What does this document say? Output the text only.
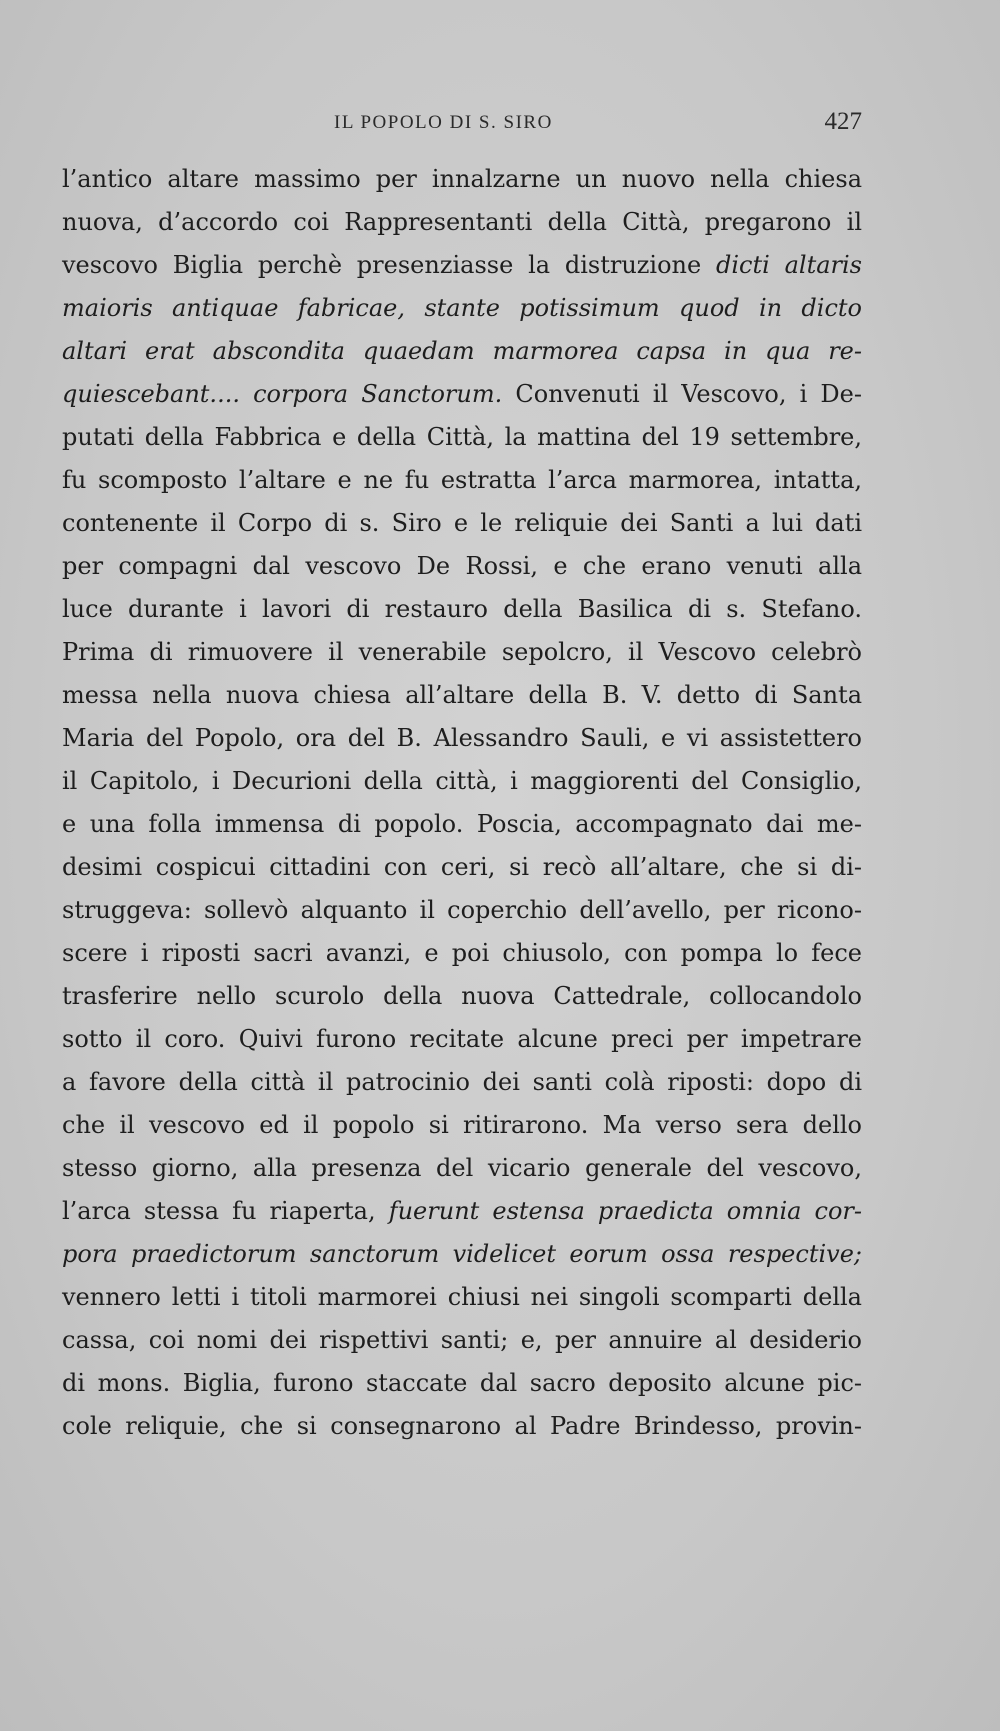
IL POPOLO DI S. SIRO	427
l’antico altare massimo per innalzarne un nuovo nella chiesa
nuova, d’accordo coi Rappresentanti della Città, pregarono il
vescovo Biglia perchè presenziasse la distruzione dicti altaris
maioris antiquae fabricae, stante potissimum quod in dicto
altari erat abscondita quaedam marmorea capsa in qua re-
quiescebant.... corpora Sanctorum. Convenuti il Vescovo, i De-
putati della Fabbrica e della Città, la mattina del 19 settembre,
fu scomposto l’altare e ne fu estratta l’arca marmorea, intatta,
contenente il Corpo di s. Siro e le reliquie dei Santi a lui dati
per compagni dal vescovo De Rossi, e che erano venuti alla
luce durante i lavori di restauro della Basilica di s. Stefano.
Prima di rimuovere il venerabile sepolcro, il Vescovo celebrò
messa nella nuova chiesa all’altare della B. V. detto di Santa
Maria del Popolo, ora del B. Alessandro Sauli, e vi assistettero
il Capitolo, i Decurioni della città, i maggiorenti del Consiglio,
e una folla immensa di popolo. Poscia, accompagnato dai me-
desimi cospicui cittadini con ceri, si recò all’altare, che si di-
struggeva: sollevò alquanto il coperchio dell’avello, per ricono-
scere i riposti sacri avanzi, e poi chiusolo, con pompa lo fece
trasferire nello scurolo della nuova Cattedrale, collocandolo
sotto il coro. Quivi furono recitate alcune preci per impetrare
a favore della città il patrocinio dei santi colà riposti: dopo di
che il vescovo ed il popolo si ritirarono. Ma verso sera dello
stesso giorno, alla presenza del vicario generale del vescovo,
l’arca stessa fu riaperta, fuerunt estensa praedicta omnia cor-
pora praedictorum sanctorum videlicet eorum ossa respective;
vennero letti i titoli marmorei chiusi nei singoli scomparti della
cassa, coi nomi dei rispettivi santi; e, per annuire al desiderio
di mons. Biglia, furono staccate dal sacro deposito alcune pic-
cole reliquie, che si consegnarono al Padre Brindesso, provin-
